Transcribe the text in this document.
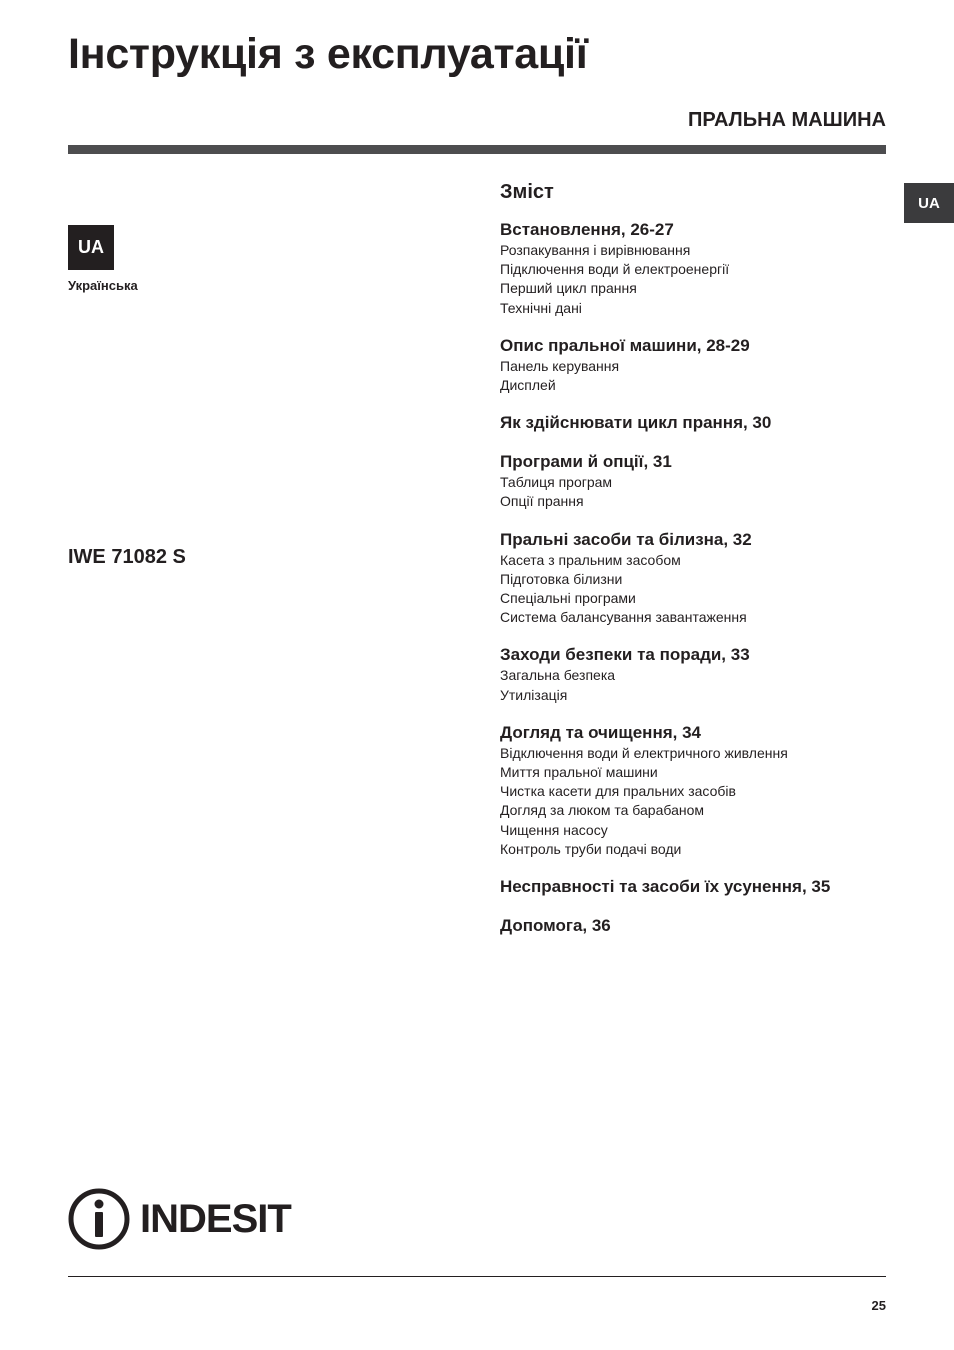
Інструкція з експлуатації
ПРАЛЬНА МАШИНА
UA
UA
Українська
IWE 71082 S
Зміст
Встановлення, 26-27
Розпакування і вирівнювання
Підключення води й електроенергії
Перший цикл прання
Технічні дані
Опис пральної машини, 28-29
Панель керування
Дисплей
Як здійснювати цикл прання, 30
Програми й опції, 31
Таблиця програм
Опції прання
Пральні засоби та білизна, 32
Касета з пральним засобом
Підготовка білизни
Спеціальні програми
Система балансування завантаження
Заходи безпеки та поради, 33
Загальна безпека
Утилізація
Догляд та очищення, 34
Відключення води й електричного живлення
Миття пральної машини
Чистка касети для пральних засобів
Догляд за люком та барабаном
Чищення насосу
Контроль труби подачі води
Несправності та засоби їх усунення, 35
Допомога, 36
INDESIT
25
